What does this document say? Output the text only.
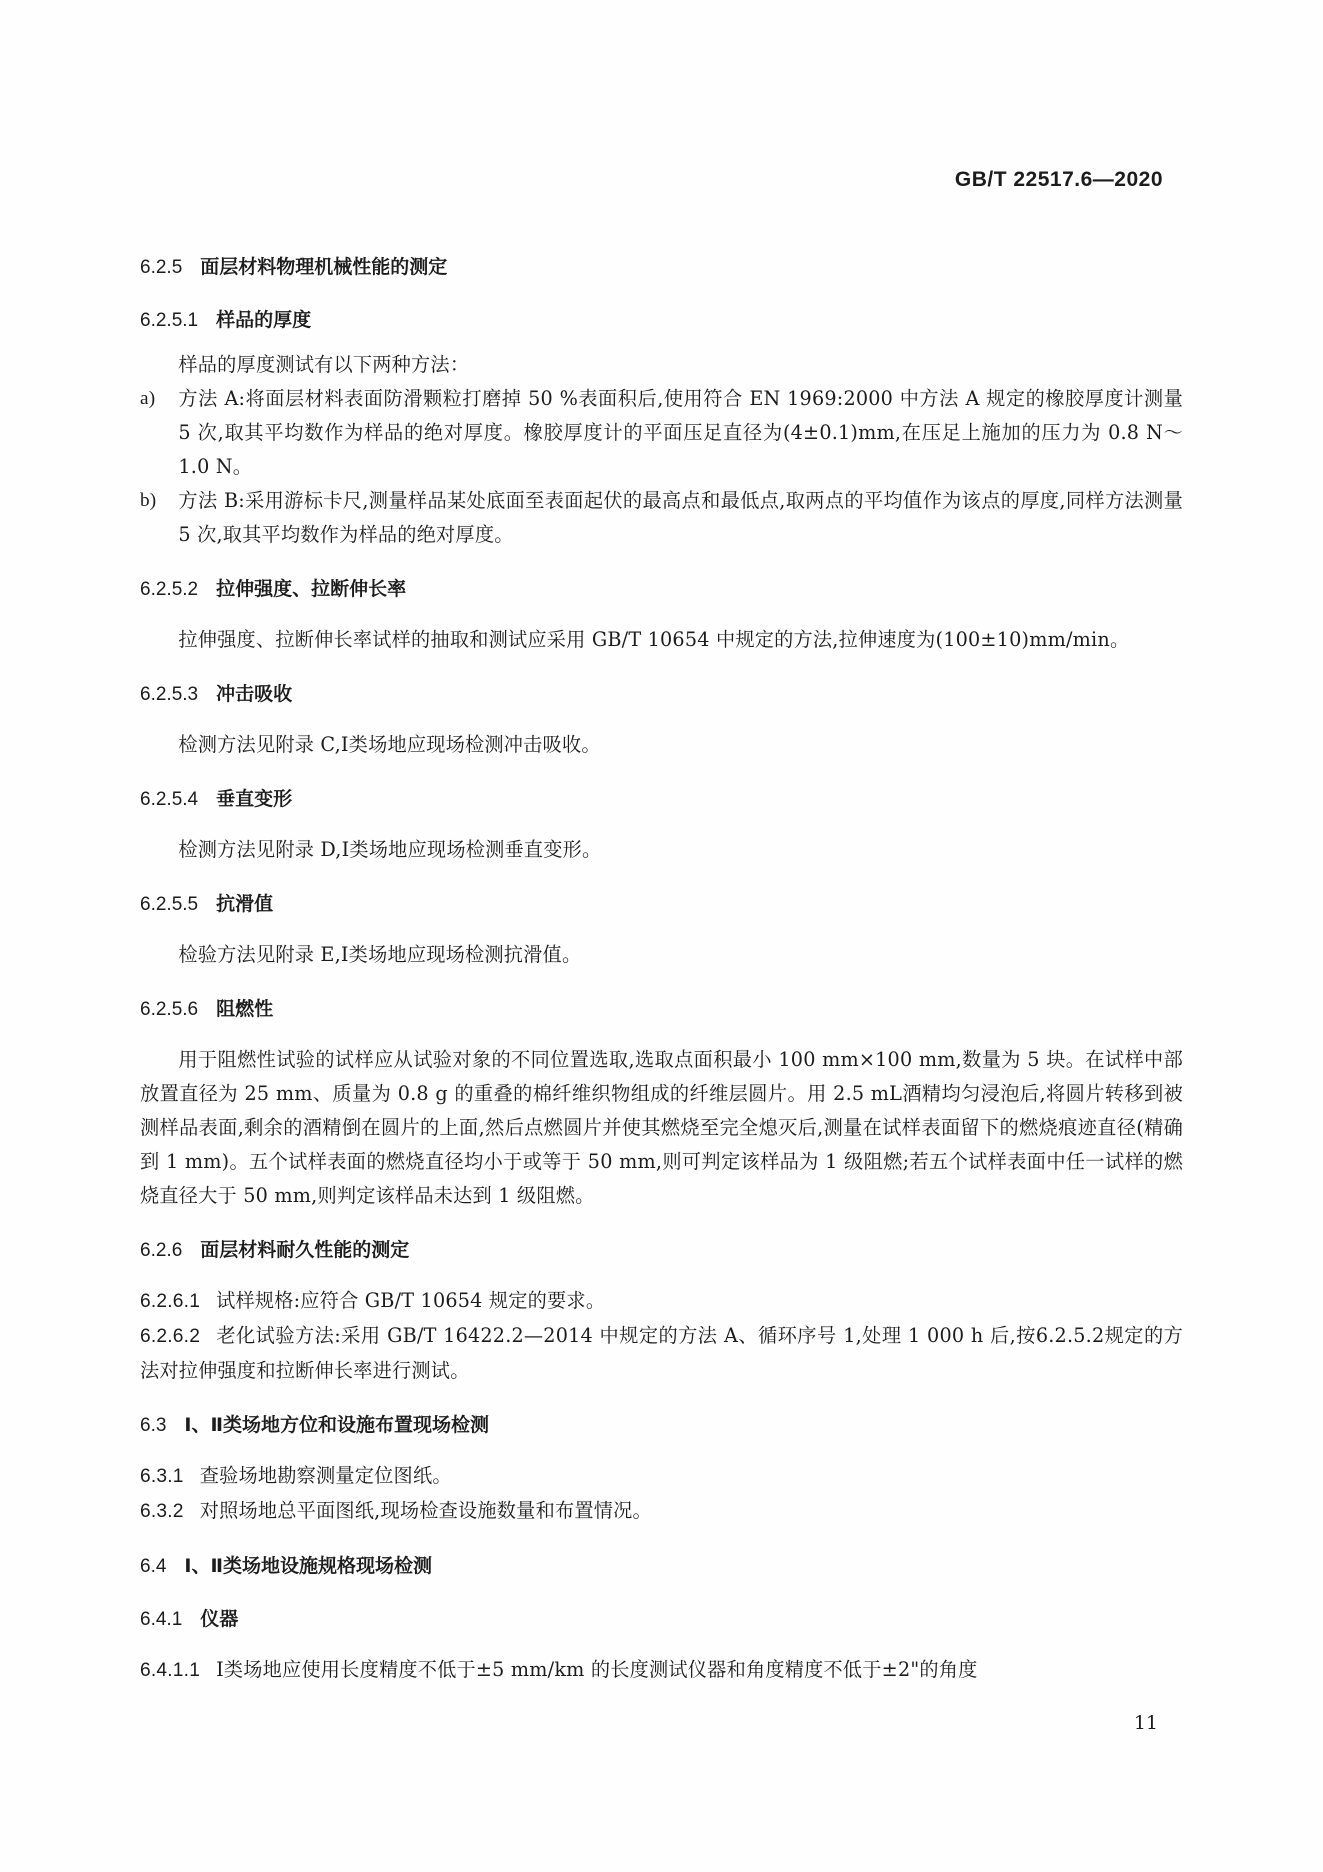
GB/T 22517.6—2020
6.2.5 面层材料物理机械性能的测定
6.2.5.1 样品的厚度
样品的厚度测试有以下两种方法：
a) 方法 A:将面层材料表面防滑颗粒打磨掉 50 %表面积后,使用符合 EN 1969:2000 中方法 A 规定的橡胶厚度计测量 5 次,取其平均数作为样品的绝对厚度。橡胶厚度计的平面压足直径为(4±0.1)mm,在压足上施加的压力为 0.8 N～1.0 N。
b) 方法 B:采用游标卡尺,测量样品某处底面至表面起伏的最高点和最低点,取两点的平均值作为该点的厚度,同样方法测量 5 次,取其平均数作为样品的绝对厚度。
6.2.5.2 拉伸强度、拉断伸长率
拉伸强度、拉断伸长率试样的抽取和测试应采用 GB/T 10654 中规定的方法,拉伸速度为(100±10)mm/min。
6.2.5.3 冲击吸收
检测方法见附录 C,Ⅰ类场地应现场检测冲击吸收。
6.2.5.4 垂直变形
检测方法见附录 D,Ⅰ类场地应现场检测垂直变形。
6.2.5.5 抗滑值
检验方法见附录 E,Ⅰ类场地应现场检测抗滑值。
6.2.5.6 阻燃性
用于阻燃性试验的试样应从试验对象的不同位置选取,选取点面积最小 100 mm×100 mm,数量为 5 块。在试样中部放置直径为 25 mm、质量为 0.8 g 的重叠的棉纤维织物组成的纤维层圆片。用 2.5 mL酒精均匀浸泡后,将圆片转移到被测样品表面,剩余的酒精倒在圆片的上面,然后点燃圆片并使其燃烧至完全熄灭后,测量在试样表面留下的燃烧痕迹直径(精确到 1 mm)。五个试样表面的燃烧直径均小于或等于 50 mm,则可判定该样品为 1 级阻燃;若五个试样表面中任一试样的燃烧直径大于 50 mm,则判定该样品未达到 1 级阻燃。
6.2.6 面层材料耐久性能的测定
6.2.6.1 试样规格:应符合 GB/T 10654 规定的要求。
6.2.6.2 老化试验方法:采用 GB/T 16422.2—2014 中规定的方法 A、循环序号 1,处理 1 000 h 后,按6.2.5.2规定的方法对拉伸强度和拉断伸长率进行测试。
6.3 Ⅰ、Ⅱ类场地方位和设施布置现场检测
6.3.1 查验场地勘察测量定位图纸。
6.3.2 对照场地总平面图纸,现场检查设施数量和布置情况。
6.4 Ⅰ、Ⅱ类场地设施规格现场检测
6.4.1 仪器
6.4.1.1 Ⅰ类场地应使用长度精度不低于±5 mm/km 的长度测试仪器和角度精度不低于±2"的角度
11
